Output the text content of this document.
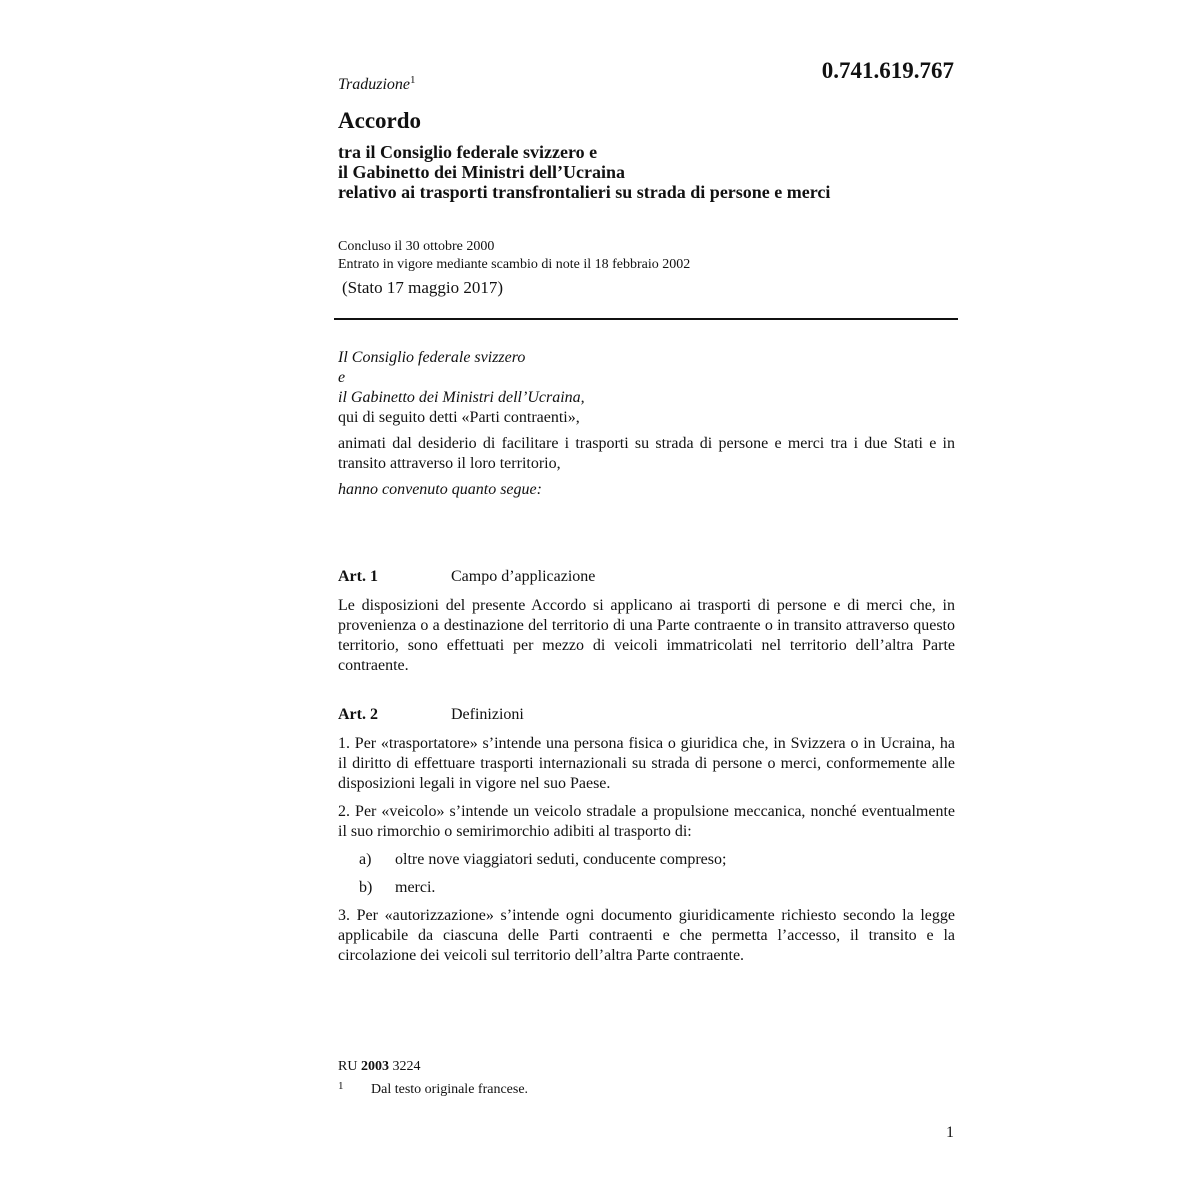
0.741.619.767
Traduzione$^1$
Accordo
tra il Consiglio federale svizzero e
il Gabinetto dei Ministri dell’Ucraina
relativo ai trasporti transfrontalieri su strada di persone e merci
Concluso il 30 ottobre 2000
Entrato in vigore mediante scambio di note il 18 febbraio 2002
(Stato 17 maggio 2017)

Il Consiglio federale svizzero

e

il Gabinetto dei Ministri dell’Ucraina,

qui di seguito detti «Parti contraenti»,

animati dal desiderio di facilitare i trasporti su strada di persone e merci tra i due Stati e in transito attraverso il loro territorio,

hanno convenuto quanto segue:

Art. 1	Campo d’applicazione

Le disposizioni del presente Accordo si applicano ai trasporti di persone e di merci che, in provenienza o a destinazione del territorio di una Parte contraente o in transito attraverso questo territorio, sono effettuati per mezzo di veicoli immatricolati nel territorio dell’altra Parte contraente.

Art. 2	Definizioni

1. Per «trasportatore» s’intende una persona fisica o giuridica che, in Svizzera o in Ucraina, ha il diritto di effettuare trasporti internazionali su strada di persone o merci, conformemente alle disposizioni legali in vigore nel suo Paese.

2. Per «veicolo» s’intende un veicolo stradale a propulsione meccanica, nonché eventualmente il suo rimorchio o semirimorchio adibiti al trasporto di:

a)	oltre nove viaggiatori seduti, conducente compreso;
b)	merci.

3. Per «autorizzazione» s’intende ogni documento giuridicamente richiesto secondo la legge applicabile da ciascuna delle Parti contraenti e che permetta l’accesso, il transito e la circolazione dei veicoli sul territorio dell’altra Parte contraente.

RU 2003 3224
1 Dal testo originale francese.
1
